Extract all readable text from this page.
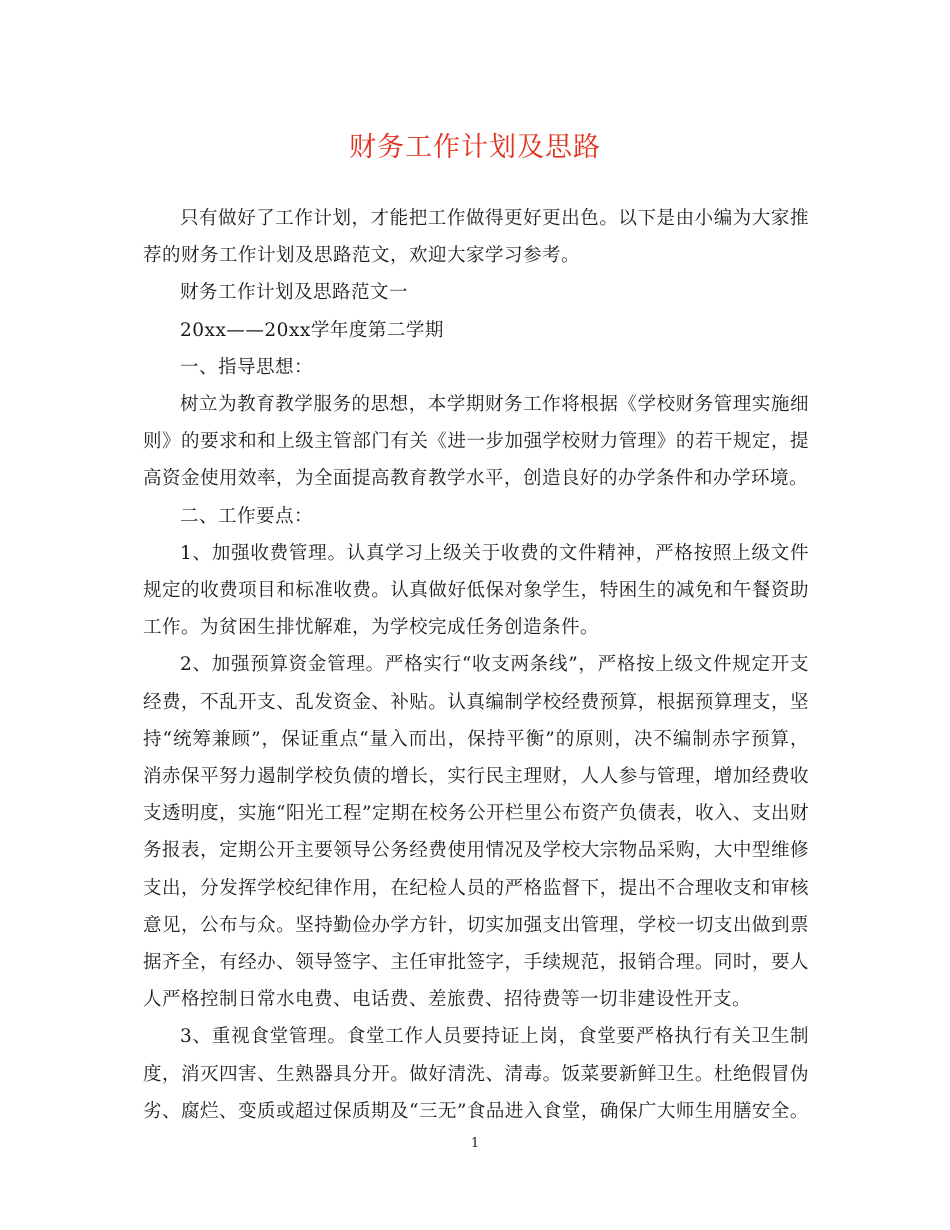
财务工作计划及思路

只有做好了工作计划，才能把工作做得更好更出色。以下是由小编为大家推荐的财务工作计划及思路范文，欢迎大家学习参考。

财务工作计划及思路范文一

20xx——20xx学年度第二学期

一、指导思想：

树立为教育教学服务的思想，本学期财务工作将根据《学校财务管理实施细则》的要求和和上级主管部门有关《进一步加强学校财力管理》的若干规定，提高资金使用效率，为全面提高教育教学水平，创造良好的办学条件和办学环境。

二、工作要点：

1、加强收费管理。认真学习上级关于收费的文件精神，严格按照上级文件规定的收费项目和标准收费。认真做好低保对象学生，特困生的减免和午餐资助工作。为贫困生排忧解难，为学校完成任务创造条件。

2、加强预算资金管理。严格实行“收支两条线”，严格按上级文件规定开支经费，不乱开支、乱发资金、补贴。认真编制学校经费预算，根据预算理支，坚持“统筹兼顾”，保证重点“量入而出，保持平衡”的原则，决不编制赤字预算，消赤保平努力遏制学校负债的增长，实行民主理财，人人参与管理，增加经费收支透明度，实施“阳光工程”定期在校务公开栏里公布资产负债表，收入、支出财务报表，定期公开主要领导公务经费使用情况及学校大宗物品采购，大中型维修支出，分发挥学校纪律作用，在纪检人员的严格监督下，提出不合理收支和审核意见，公布与众。坚持勤俭办学方针，切实加强支出管理，学校一切支出做到票据齐全，有经办、领导签字、主任审批签字，手续规范，报销合理。同时，要人人严格控制日常水电费、电话费、差旅费、招待费等一切非建设性开支。

3、重视食堂管理。食堂工作人员要持证上岗，食堂要严格执行有关卫生制度，消灭四害、生熟器具分开。做好清洗、清毒。饭菜要新鲜卫生。杜绝假冒伪劣、腐烂、变质或超过保质期及“三无”食品进入食堂，确保广大师生用膳安全。

1
